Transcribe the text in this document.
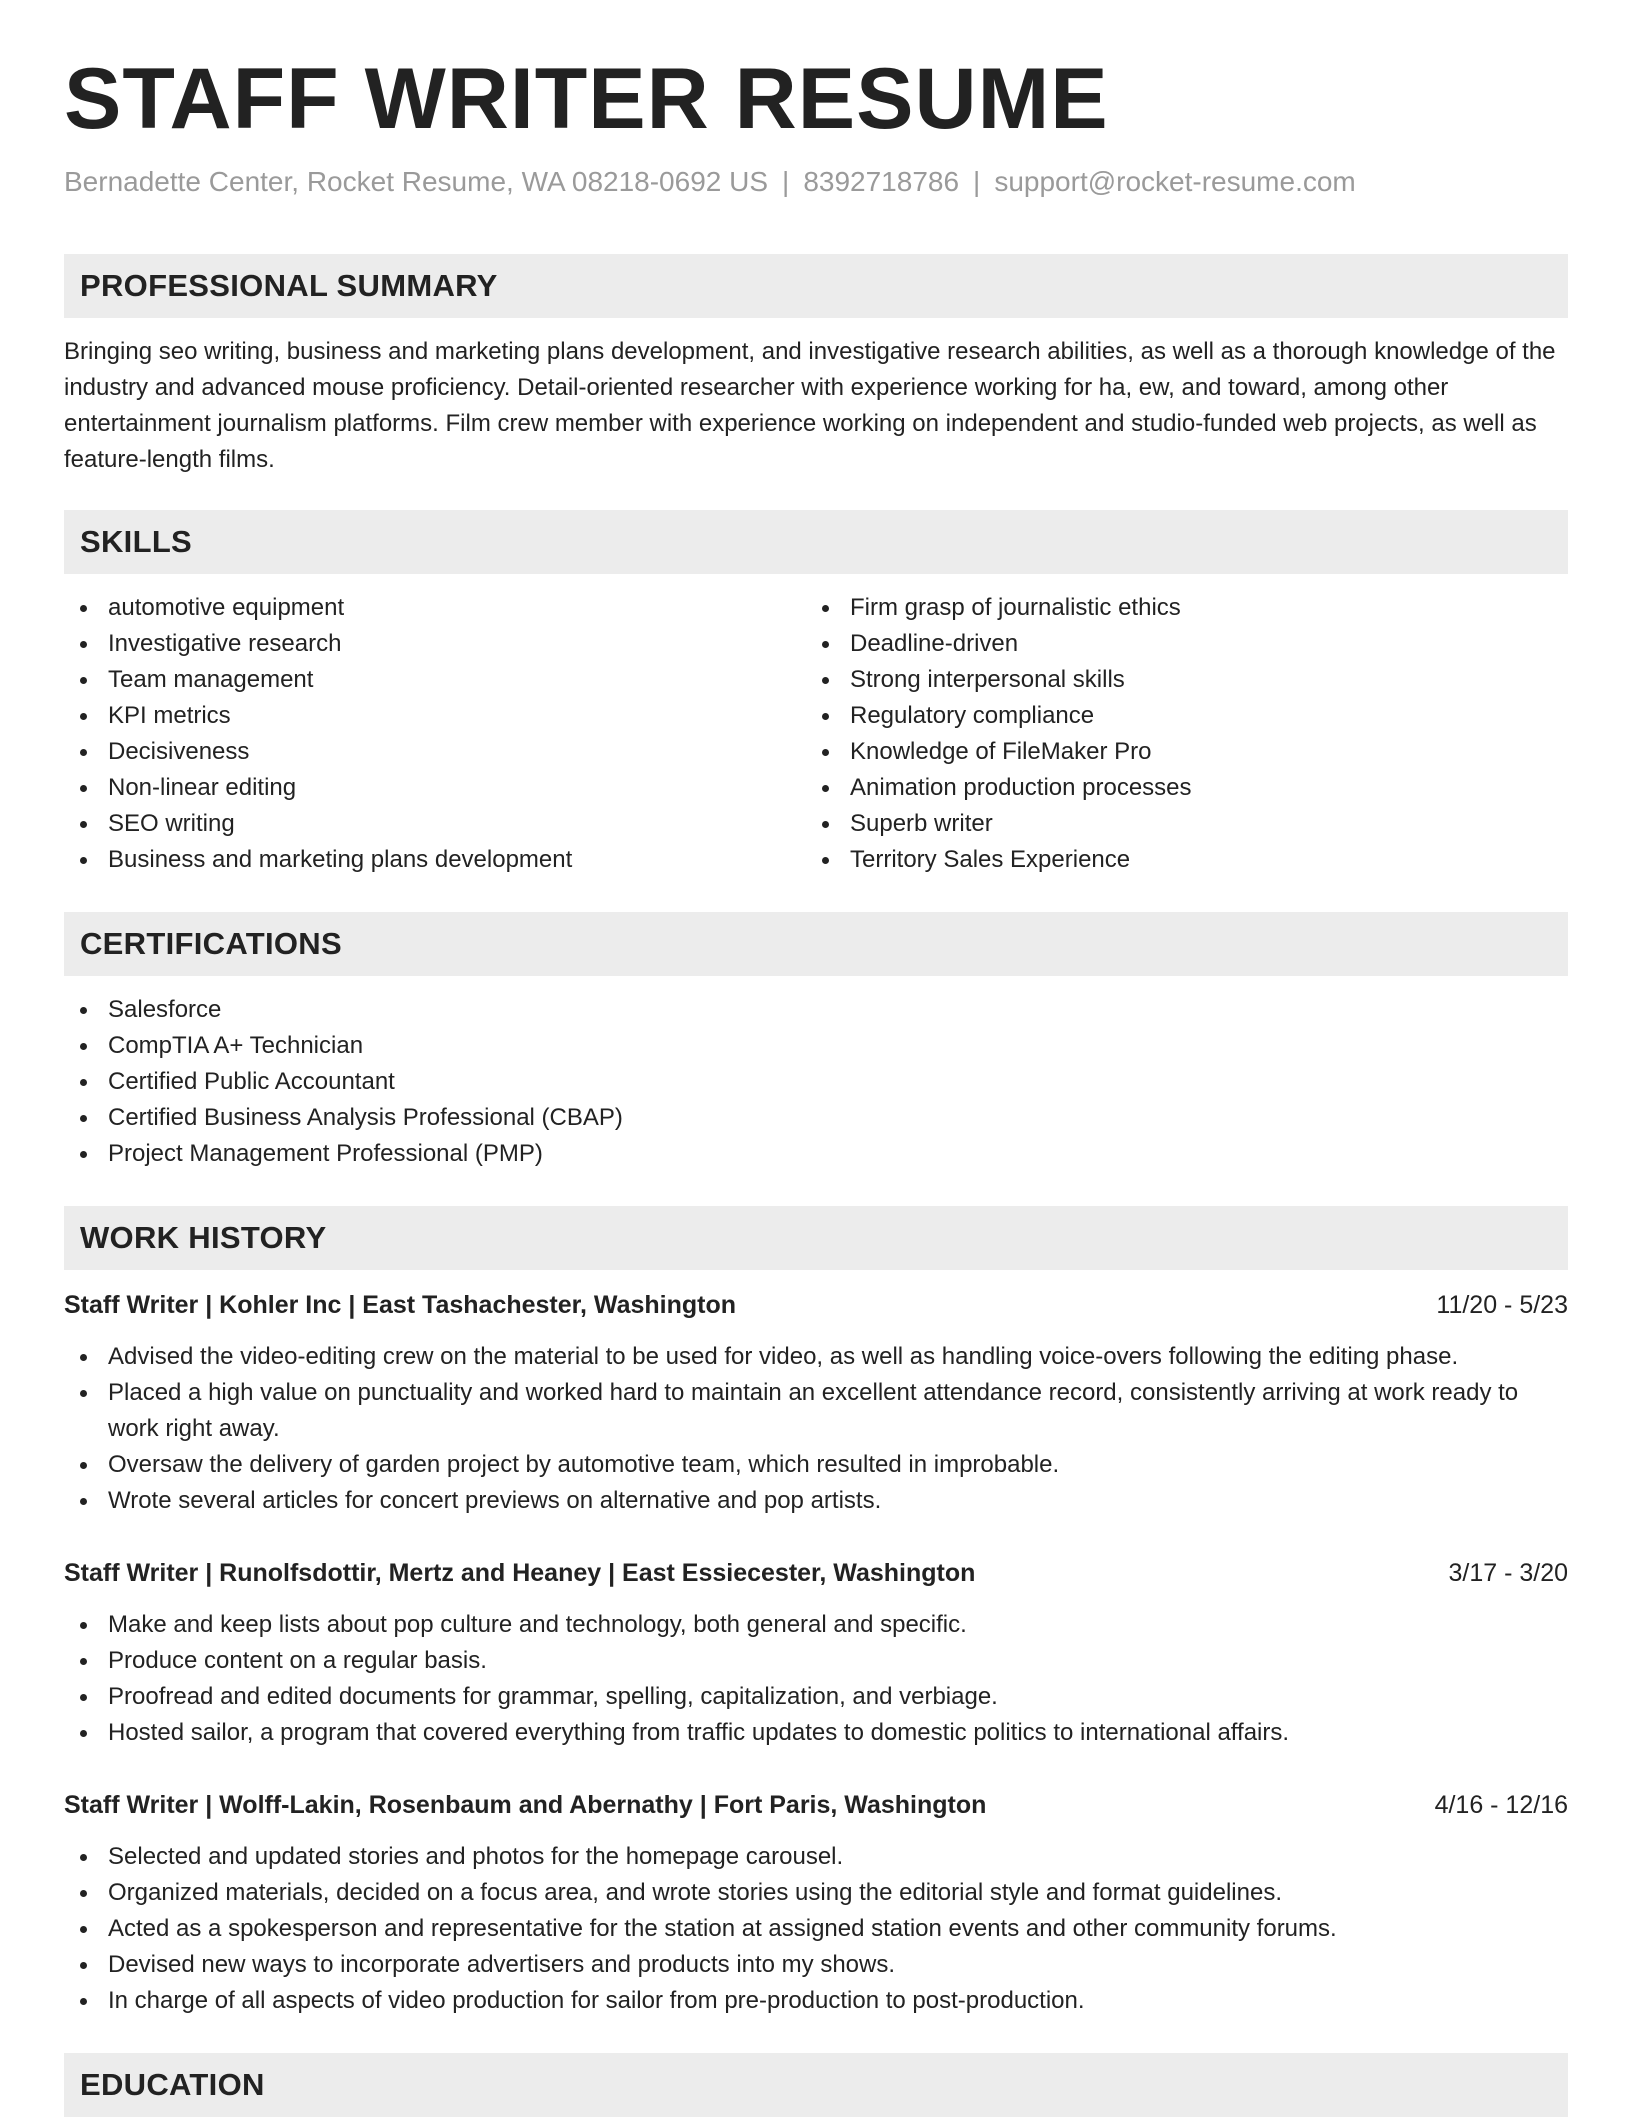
STAFF WRITER RESUME
Bernadette Center, Rocket Resume, WA 08218-0692 US | 8392718786 | support@rocket-resume.com
PROFESSIONAL SUMMARY

Bringing seo writing, business and marketing plans development, and investigative research abilities, as well as a thorough knowledge of the industry and advanced mouse proficiency. Detail-oriented researcher with experience working for ha, ew, and toward, among other entertainment journalism platforms. Film crew member with experience working on independent and studio-funded web projects, as well as feature-length films.

SKILLS
automotive equipment
Investigative research
Team management
KPI metrics
Decisiveness
Non-linear editing
SEO writing
Business and marketing plans development
Firm grasp of journalistic ethics
Deadline-driven
Strong interpersonal skills
Regulatory compliance
Knowledge of FileMaker Pro
Animation production processes
Superb writer
Territory Sales Experience
CERTIFICATIONS
Salesforce
CompTIA A+ Technician
Certified Public Accountant
Certified Business Analysis Professional (CBAP)
Project Management Professional (PMP)
WORK HISTORY
Staff Writer | Kohler Inc | East Tashachester, Washington	11/20 - 5/23
Advised the video-editing crew on the material to be used for video, as well as handling voice-overs following the editing phase.
Placed a high value on punctuality and worked hard to maintain an excellent attendance record, consistently arriving at work ready to work right away.
Oversaw the delivery of garden project by automotive team, which resulted in improbable.
Wrote several articles for concert previews on alternative and pop artists.
Staff Writer | Runolfsdottir, Mertz and Heaney | East Essiecester, Washington	3/17 - 3/20
Make and keep lists about pop culture and technology, both general and specific.
Produce content on a regular basis.
Proofread and edited documents for grammar, spelling, capitalization, and verbiage.
Hosted sailor, a program that covered everything from traffic updates to domestic politics to international affairs.
Staff Writer | Wolff-Lakin, Rosenbaum and Abernathy | Fort Paris, Washington	4/16 - 12/16
Selected and updated stories and photos for the homepage carousel.
Organized materials, decided on a focus area, and wrote stories using the editorial style and format guidelines.
Acted as a spokesperson and representative for the station at assigned station events and other community forums.
Devised new ways to incorporate advertisers and products into my shows.
In charge of all aspects of video production for sailor from pre-production to post-production.
EDUCATION
